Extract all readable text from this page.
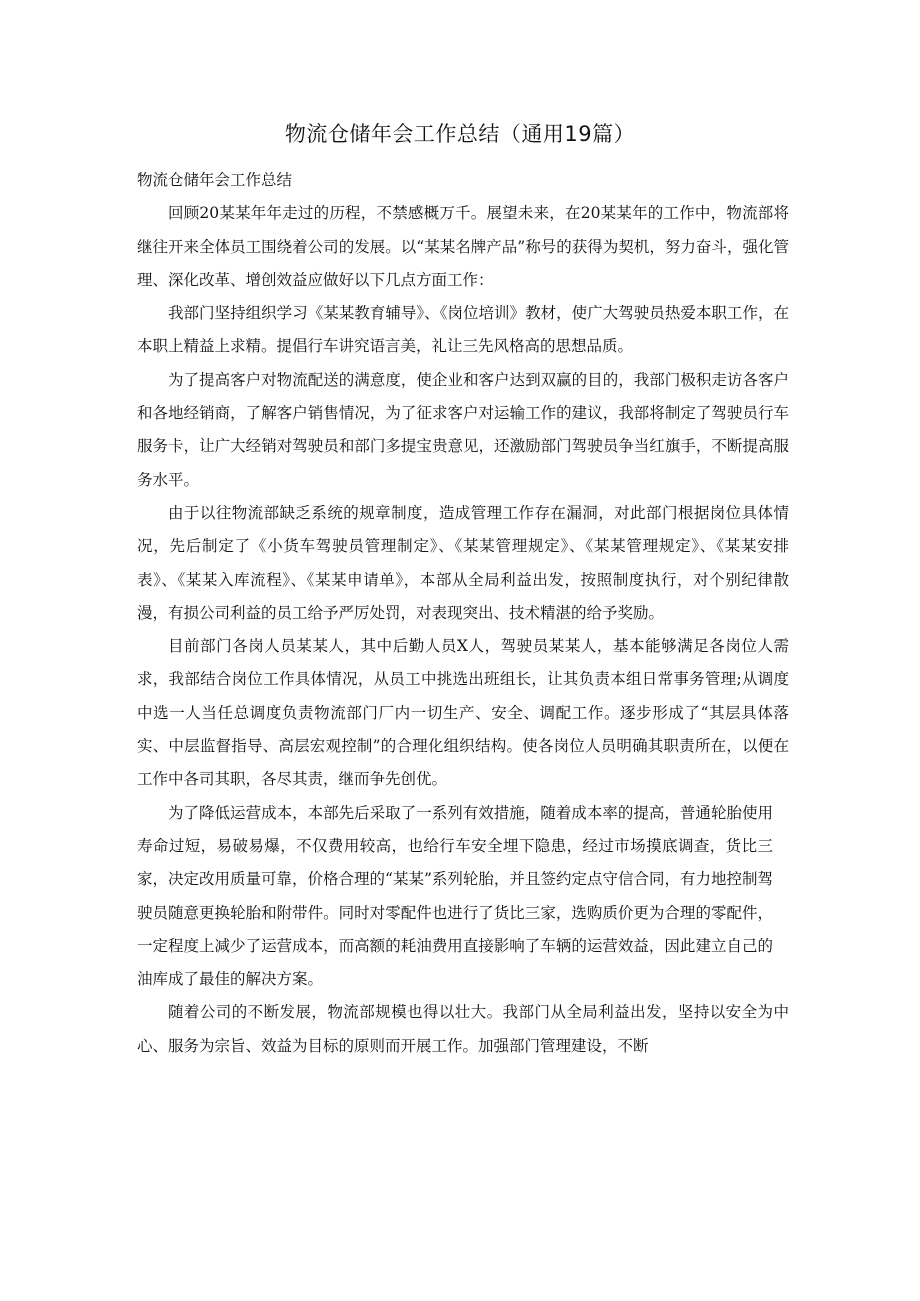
物流仓储年会工作总结（通用19篇）

物流仓储年会工作总结

回顾20某某年年走过的历程，不禁感概万千。展望未来，在20某某年的工作中，物流部将继往开来全体员工围绕着公司的发展。以“某某名牌产品”称号的获得为契机，努力奋斗，强化管理、深化改革、增创效益应做好以下几点方面工作：

我部门坚持组织学习《某某教育辅导》、《岗位培训》教材，使广大驾驶员热爱本职工作，在本职上精益上求精。提倡行车讲究语言美，礼让三先风格高的思想品质。

为了提高客户对物流配送的满意度，使企业和客户达到双赢的目的，我部门极积走访各客户和各地经销商，了解客户销售情况，为了征求客户对运输工作的建议，我部将制定了驾驶员行车服务卡，让广大经销对驾驶员和部门多提宝贵意见，还激励部门驾驶员争当红旗手，不断提高服务水平。

由于以往物流部缺乏系统的规章制度，造成管理工作存在漏洞，对此部门根据岗位具体情况，先后制定了《小货车驾驶员管理制定》、《某某管理规定》、《某某管理规定》、《某某安排表》、《某某入库流程》、《某某申请单》，本部从全局利益出发，按照制度执行，对个别纪律散漫，有损公司利益的员工给予严厉处罚，对表现突出、技术精湛的给予奖励。

目前部门各岗人员某某人，其中后勤人员X人，驾驶员某某人，基本能够满足各岗位人需求，我部结合岗位工作具体情况，从员工中挑选出班组长，让其负责本组日常事务管理;从调度中选一人当任总调度负责物流部门厂内一切生产、安全、调配工作。逐步形成了“其层具体落实、中层监督指导、高层宏观控制”的合理化组织结构。使各岗位人员明确其职责所在，以便在工作中各司其职，各尽其责，继而争先创优。

为了降低运营成本，本部先后采取了一系列有效措施，随着成本率的提高，普通轮胎使用寿命过短，易破易爆，不仅费用较高，也给行车安全埋下隐患，经过市场摸底调查，货比三家，决定改用质量可靠，价格合理的“某某”系列轮胎，并且签约定点守信合同，有力地控制驾驶员随意更换轮胎和附带件。同时对零配件也进行了货比三家，选购质价更为合理的零配件，一定程度上减少了运营成本，而高额的耗油费用直接影响了车辆的运营效益，因此建立自己的油库成了最佳的解决方案。

随着公司的不断发展，物流部规模也得以壮大。我部门从全局利益出发，坚持以安全为中心、服务为宗旨、效益为目标的原则而开展工作。加强部门管理建设，不断
